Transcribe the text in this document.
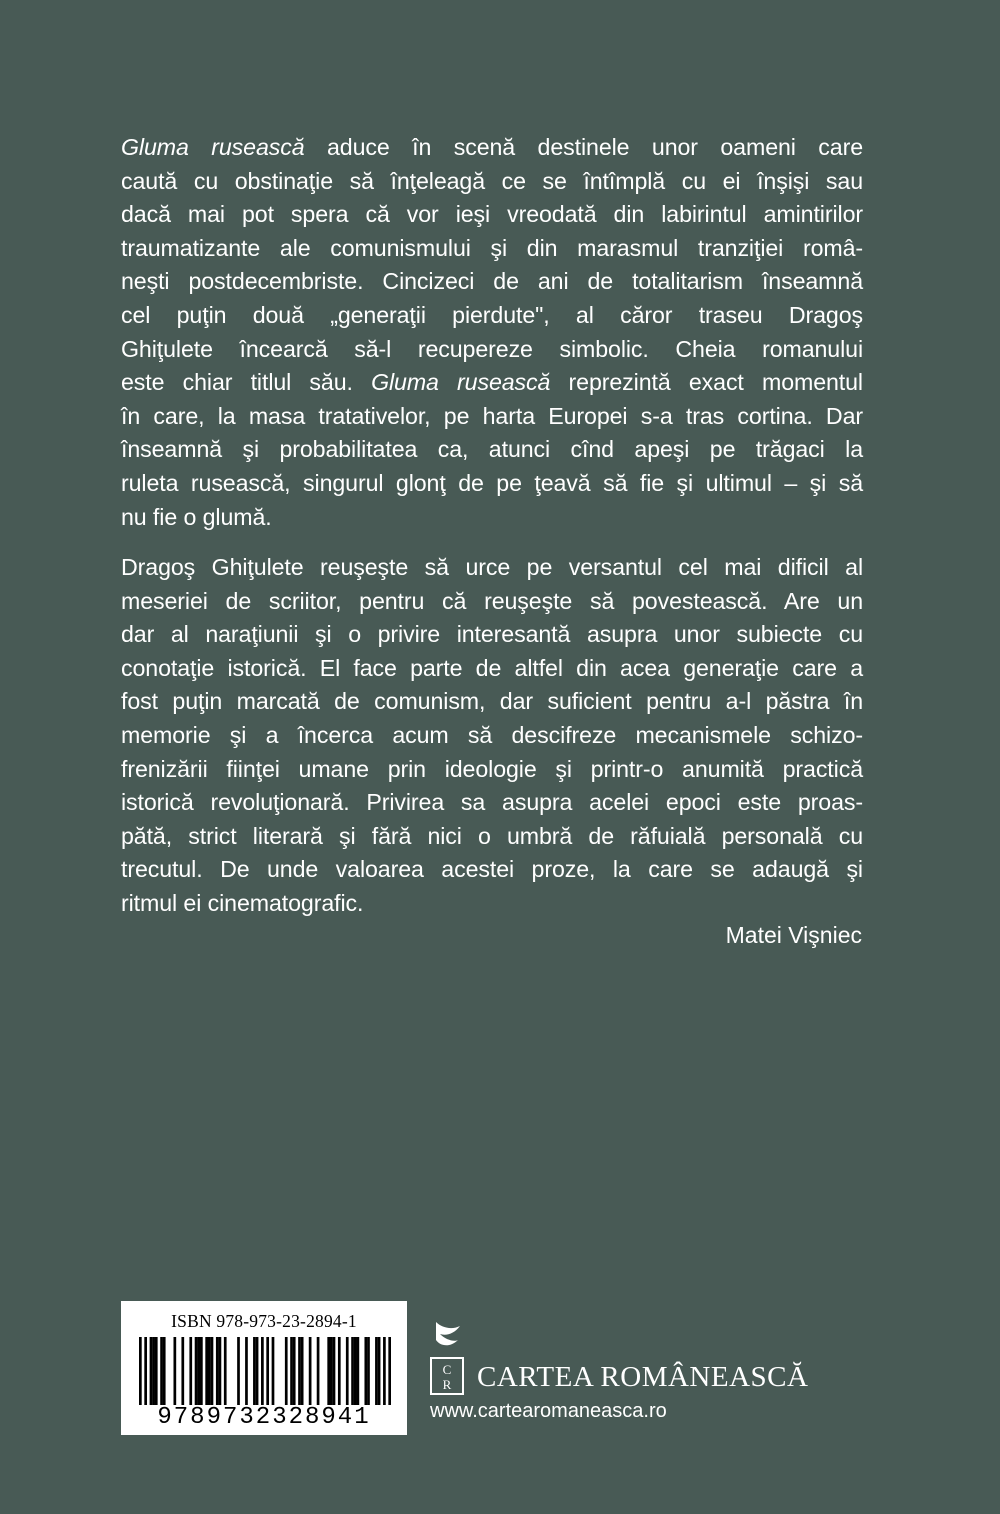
Gluma rusească aduce în scenă destinele unor oameni care
caută cu obstinaţie să înţeleagă ce se întîmplă cu ei înşişi sau
dacă mai pot spera că vor ieşi vreodată din labirintul amintirilor
traumatizante ale comunismului şi din marasmul tranziţiei româ-
neşti postdecembriste. Cincizeci de ani de totalitarism înseamnă
cel puţin două „generaţii pierdute", al căror traseu Dragoş
Ghiţulete încearcă să-l recupereze simbolic. Cheia romanului
este chiar titlul său. Gluma rusească reprezintă exact momentul
în care, la masa tratativelor, pe harta Europei s-a tras cortina. Dar
înseamnă şi probabilitatea ca, atunci cînd apeşi pe trăgaci la
ruleta rusească, singurul glonţ de pe ţeavă să fie şi ultimul – şi să
nu fie o glumă.
Dragoş Ghiţulete reuşeşte să urce pe versantul cel mai dificil al
meseriei de scriitor, pentru că reuşeşte să povestească. Are un
dar al naraţiunii şi o privire interesantă asupra unor subiecte cu
conotaţie istorică. El face parte de altfel din acea generaţie care a
fost puţin marcată de comunism, dar suficient pentru a-l păstra în
memorie şi a încerca acum să descifreze mecanismele schizo-
frenizării fiinţei umane prin ideologie şi printr-o anumită practică
istorică revoluţionară. Privirea sa asupra acelei epoci este proas-
pătă, strict literară şi fără nici o umbră de răfuială personală cu
trecutul. De unde valoarea acestei proze, la care se adaugă şi
ritmul ei cinematografic.
Matei Vişniec
ISBN 978-973-23-2894-1
9789732328941
C
R CARTEA ROMÂNEASCĂ
www.cartearomaneasca.ro
